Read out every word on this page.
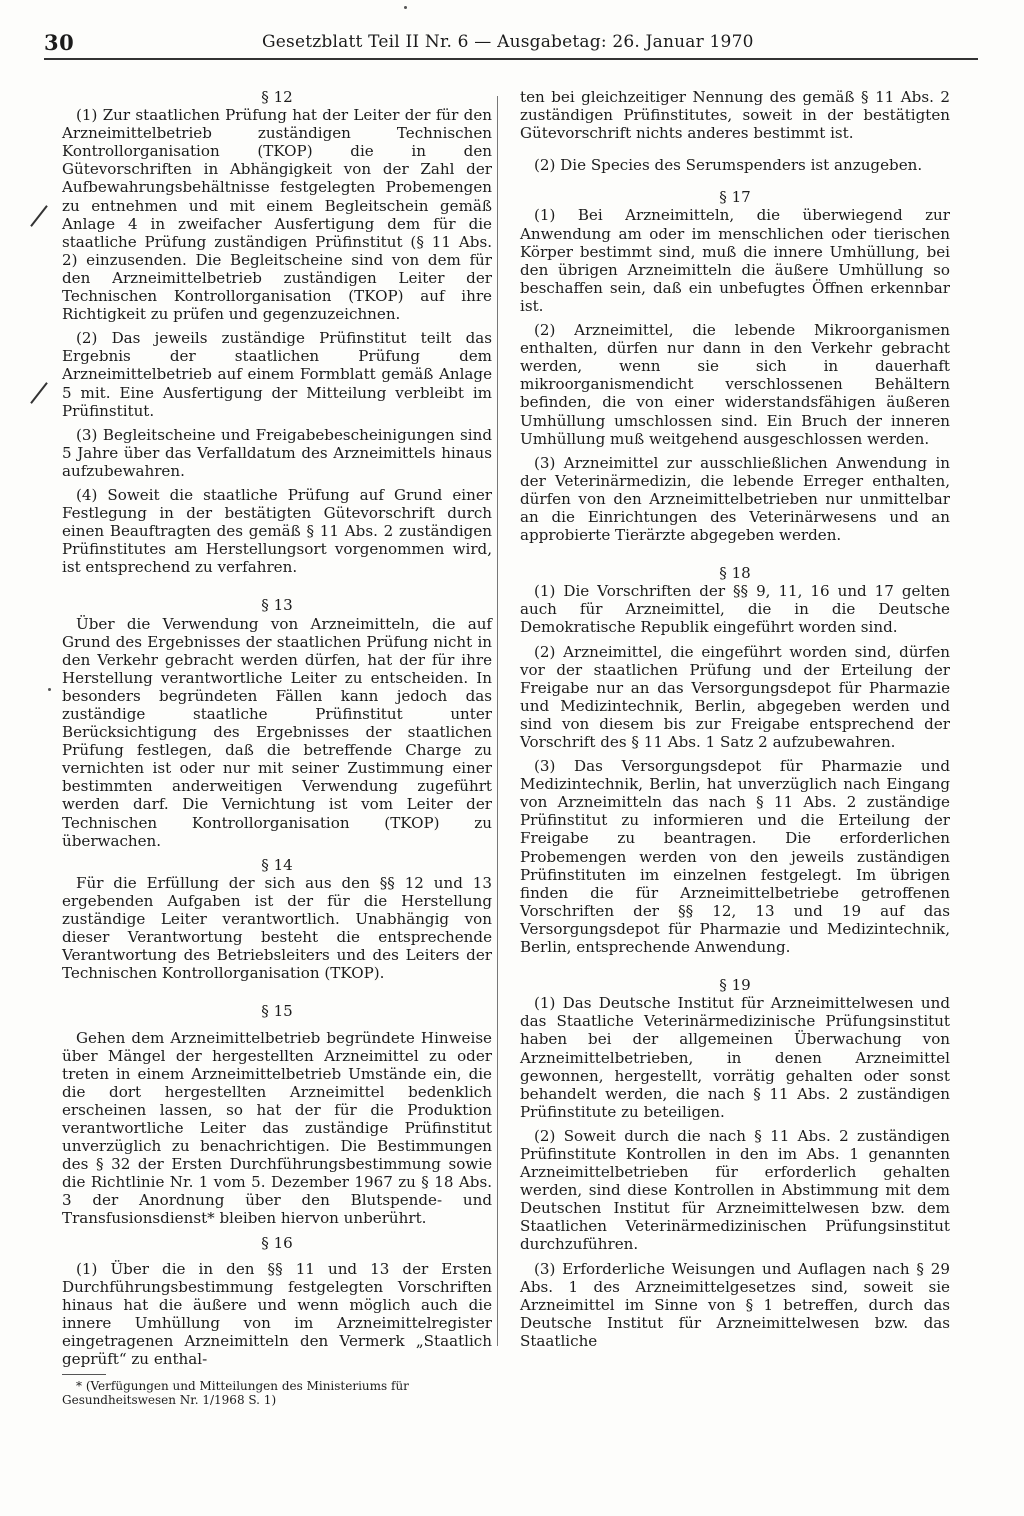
30	Gesetzblatt Teil II Nr. 6 — Ausgabetag: 26. Januar 1970

§ 12

(1) Zur staatlichen Prüfung hat der Leiter der für den Arzneimittelbetrieb zuständigen Technischen Kontrollorganisation (TKOP) die in den Gütevorschriften in Abhängigkeit von der Zahl der Aufbewahrungsbehältnisse festgelegten Probemengen zu entnehmen und mit einem Begleitschein gemäß Anlage 4 in zweifacher Ausfertigung dem für die staatliche Prüfung zuständigen Prüfinstitut (§ 11 Abs. 2) einzusenden. Die Begleitscheine sind von dem für den Arzneimittelbetrieb zuständigen Leiter der Technischen Kontrollorganisation (TKOP) auf ihre Richtigkeit zu prüfen und gegenzuzeichnen.

(2) Das jeweils zuständige Prüfinstitut teilt das Ergebnis der staatlichen Prüfung dem Arzneimittelbetrieb auf einem Formblatt gemäß Anlage 5 mit. Eine Ausfertigung der Mitteilung verbleibt im Prüfinstitut.

(3) Begleitscheine und Freigabebescheinigungen sind 5 Jahre über das Verfalldatum des Arzneimittels hinaus aufzubewahren.

(4) Soweit die staatliche Prüfung auf Grund einer Festlegung in der bestätigten Gütevorschrift durch einen Beauftragten des gemäß § 11 Abs. 2 zuständigen Prüfinstitutes am Herstellungsort vorgenommen wird, ist entsprechend zu verfahren.

§ 13

Über die Verwendung von Arzneimitteln, die auf Grund des Ergebnisses der staatlichen Prüfung nicht in den Verkehr gebracht werden dürfen, hat der für ihre Herstellung verantwortliche Leiter zu entscheiden. In besonders begründeten Fällen kann jedoch das zuständige staatliche Prüfinstitut unter Berücksichtigung des Ergebnisses der staatlichen Prüfung festlegen, daß die betreffende Charge zu vernichten ist oder nur mit seiner Zustimmung einer bestimmten anderweitigen Verwendung zugeführt werden darf. Die Vernichtung ist vom Leiter der Technischen Kontrollorganisation (TKOP) zu überwachen.

§ 14

Für die Erfüllung der sich aus den §§ 12 und 13 ergebenden Aufgaben ist der für die Herstellung zuständige Leiter verantwortlich. Unabhängig von dieser Verantwortung besteht die entsprechende Verantwortung des Betriebsleiters und des Leiters der Technischen Kontrollorganisation (TKOP).

§ 15

Gehen dem Arzneimittelbetrieb begründete Hinweise über Mängel der hergestellten Arzneimittel zu oder treten in einem Arzneimittelbetrieb Umstände ein, die die dort hergestellten Arzneimittel bedenklich erscheinen lassen, so hat der für die Produktion verantwortliche Leiter das zuständige Prüfinstitut unverzüglich zu benachrichtigen. Die Bestimmungen des § 32 der Ersten Durchführungsbestimmung sowie die Richtlinie Nr. 1 vom 5. Dezember 1967 zu § 18 Abs. 3 der Anordnung über den Blutspende- und Transfusionsdienst* bleiben hiervon unberührt.

§ 16

(1) Über die in den §§ 11 und 13 der Ersten Durchführungsbestimmung festgelegten Vorschriften hinaus hat die äußere und wenn möglich auch die innere Umhüllung von im Arzneimittelregister eingetragenen Arzneimitteln den Vermerk „Staatlich geprüft“ zu enthal-

* (Verfügungen und Mitteilungen des Ministeriums für Gesundheitswesen Nr. 1/1968 S. 1)

ten bei gleichzeitiger Nennung des gemäß § 11 Abs. 2 zuständigen Prüfinstitutes, soweit in der bestätigten Gütevorschrift nichts anderes bestimmt ist.

(2) Die Species des Serumspenders ist anzugeben.

§ 17

(1) Bei Arzneimitteln, die überwiegend zur Anwendung am oder im menschlichen oder tierischen Körper bestimmt sind, muß die innere Umhüllung, bei den übrigen Arzneimitteln die äußere Umhüllung so beschaffen sein, daß ein unbefugtes Öffnen erkennbar ist.

(2) Arzneimittel, die lebende Mikroorganismen enthalten, dürfen nur dann in den Verkehr gebracht werden, wenn sie sich in dauerhaft mikroorganismendicht verschlossenen Behältern befinden, die von einer widerstandsfähigen äußeren Umhüllung umschlossen sind. Ein Bruch der inneren Umhüllung muß weitgehend ausgeschlossen werden.

(3) Arzneimittel zur ausschließlichen Anwendung in der Veterinärmedizin, die lebende Erreger enthalten, dürfen von den Arzneimittelbetrieben nur unmittelbar an die Einrichtungen des Veterinärwesens und an approbierte Tierärzte abgegeben werden.

§ 18

(1) Die Vorschriften der §§ 9, 11, 16 und 17 gelten auch für Arzneimittel, die in die Deutsche Demokratische Republik eingeführt worden sind.

(2) Arzneimittel, die eingeführt worden sind, dürfen vor der staatlichen Prüfung und der Erteilung der Freigabe nur an das Versorgungsdepot für Pharmazie und Medizintechnik, Berlin, abgegeben werden und sind von diesem bis zur Freigabe entsprechend der Vorschrift des § 11 Abs. 1 Satz 2 aufzubewahren.

(3) Das Versorgungsdepot für Pharmazie und Medizintechnik, Berlin, hat unverzüglich nach Eingang von Arzneimitteln das nach § 11 Abs. 2 zuständige Prüfinstitut zu informieren und die Erteilung der Freigabe zu beantragen. Die erforderlichen Probemengen werden von den jeweils zuständigen Prüfinstituten im einzelnen festgelegt. Im übrigen finden die für Arzneimittelbetriebe getroffenen Vorschriften der §§ 12, 13 und 19 auf das Versorgungsdepot für Pharmazie und Medizintechnik, Berlin, entsprechende Anwendung.

§ 19

(1) Das Deutsche Institut für Arzneimittelwesen und das Staatliche Veterinärmedizinische Prüfungsinstitut haben bei der allgemeinen Überwachung von Arzneimittelbetrieben, in denen Arzneimittel gewonnen, hergestellt, vorrätig gehalten oder sonst behandelt werden, die nach § 11 Abs. 2 zuständigen Prüfinstitute zu beteiligen.

(2) Soweit durch die nach § 11 Abs. 2 zuständigen Prüfinstitute Kontrollen in den im Abs. 1 genannten Arzneimittelbetrieben für erforderlich gehalten werden, sind diese Kontrollen in Abstimmung mit dem Deutschen Institut für Arzneimittelwesen bzw. dem Staatlichen Veterinärmedizinischen Prüfungsinstitut durchzuführen.

(3) Erforderliche Weisungen und Auflagen nach § 29 Abs. 1 des Arzneimittelgesetzes sind, soweit sie Arzneimittel im Sinne von § 1 betreffen, durch das Deutsche Institut für Arzneimittelwesen bzw. das Staatliche
